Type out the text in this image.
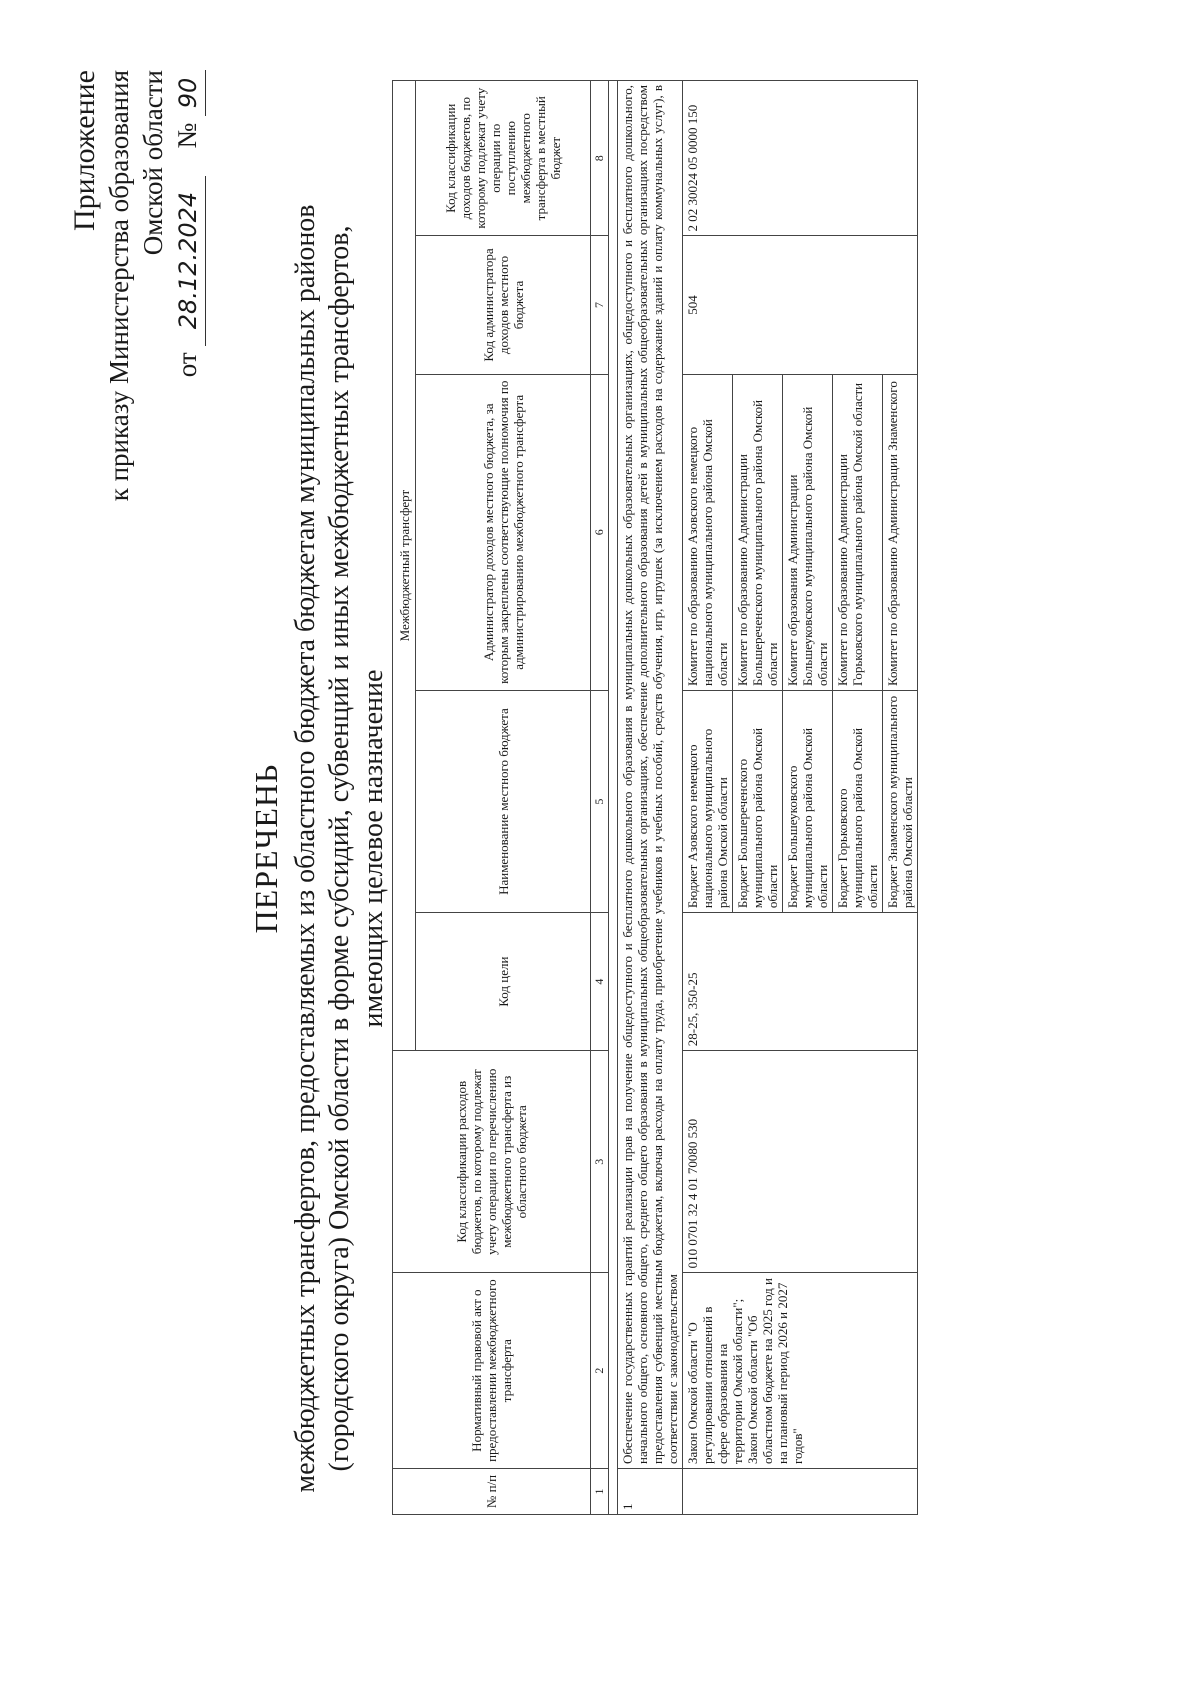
Приложение к приказу Министерства образования Омской области
от 28.12.2024    № 90
ПЕРЕЧЕНЬ межбюджетных трансфертов, предоставляемых из областного бюджета бюджетам муниципальных районов (городского округа) Омской области в форме субсидий, субвенций и иных межбюджетных трансфертов, имеющих целевое назначение
№ п/п	Нормативный правовой акт о предоставлении межбюджетного трансферта	Код классификации расходов бюджетов, по которому подлежат учету операции по перечислению межбюджетного трансферта из областного бюджета	Межбюджетный трансферт				
			Код цели	Наименование местного бюджета	Администратор доходов местного бюджета, за которым закреплены соответствующие полномочия по администрированию межбюджетного трансферта	Код администратора доходов местного бюджета	Код классификации доходов бюджетов, по которому подлежат учету операции по поступлению межбюджетного трансферта в местный бюджет
1	2	3	4	5	6	7	8

1	Обеспечение государственных гарантий реализации прав на получение общедоступного и бесплатного дошкольного образования в муниципальных дошкольных образовательных организациях, общедоступного и бесплатного дошкольного, начального общего, основного общего, среднего общего образования в муниципальных общеобразовательных организациях, обеспечение дополнительного образования детей в муниципальных общеобразовательных организациях посредством предоставления субвенций местным бюджетам, включая расходы на оплату труда, приобретение учебников и учебных пособий, средств обучения, игр, игрушек (за исключением расходов на содержание зданий и оплату коммунальных услуг), в соответствии с законодательством						
	Закон Омской области "О регулировании отношений в сфере образования на территории Омской области"; Закон Омской области "Об областном бюджете на 2025 год и на плановый период 2026 и 2027 годов"	010 0701 32 4 01 70080 530	28-25, 350-25	Бюджет Азовского немецкого национального муниципального района Омской области	Комитет по образованию Азовского немецкого национального муниципального района Омской области	504	2 02 30024 05 0000 150
				Бюджет Большереченского муниципального района Омской области	Комитет по образованию Администрации Большереченского муниципального района Омской области		
				Бюджет Большеуковского муниципального района Омской области	Комитет образования Администрации Большеуковского муниципального района Омской области		
				Бюджет Горьковского муниципального района Омской области	Комитет по образованию Администрации Горьковского муниципального района Омской области		
				Бюджет Знаменского муниципального района Омской области	Комитет по образованию Администрации Знаменского		
